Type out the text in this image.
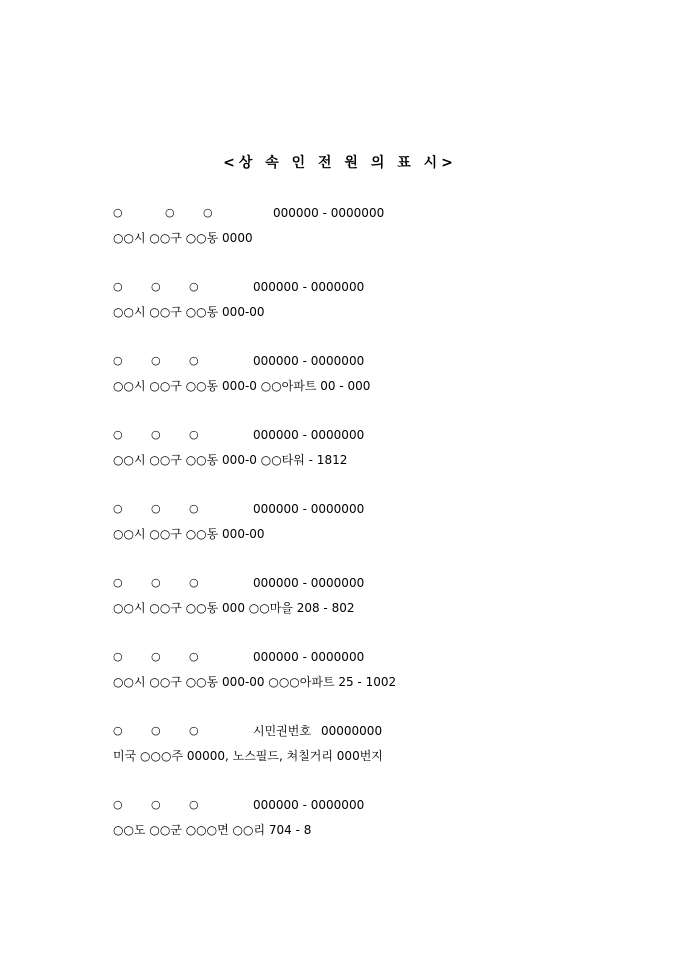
<상 속 인 전 원 의 표 시>
○	○	○	000000 - 0000000
○○시 ○○구 ○○동 0000
○	○	○	000000 - 0000000
○○시 ○○구 ○○동 000-00
○	○	○	000000 - 0000000
○○시 ○○구 ○○동 000-0 ○○아파트 00 - 000
○	○	○	000000 - 0000000
○○시 ○○구 ○○동 000-0 ○○타워 - 1812
○	○	○	000000 - 0000000
○○시 ○○구 ○○동 000-00
○	○	○	000000 - 0000000
○○시 ○○구 ○○동 000 ○○마을 208 - 802
○	○	○	000000 - 0000000
○○시 ○○구 ○○동 000-00 ○○○아파트 25 - 1002
○	○	○	시민권번호 00000000
미국 ○○○주 00000, 노스필드, 쳐칠거리 000번지
○	○	○	000000 - 0000000
○○도 ○○군 ○○○면 ○○리 704 - 8
